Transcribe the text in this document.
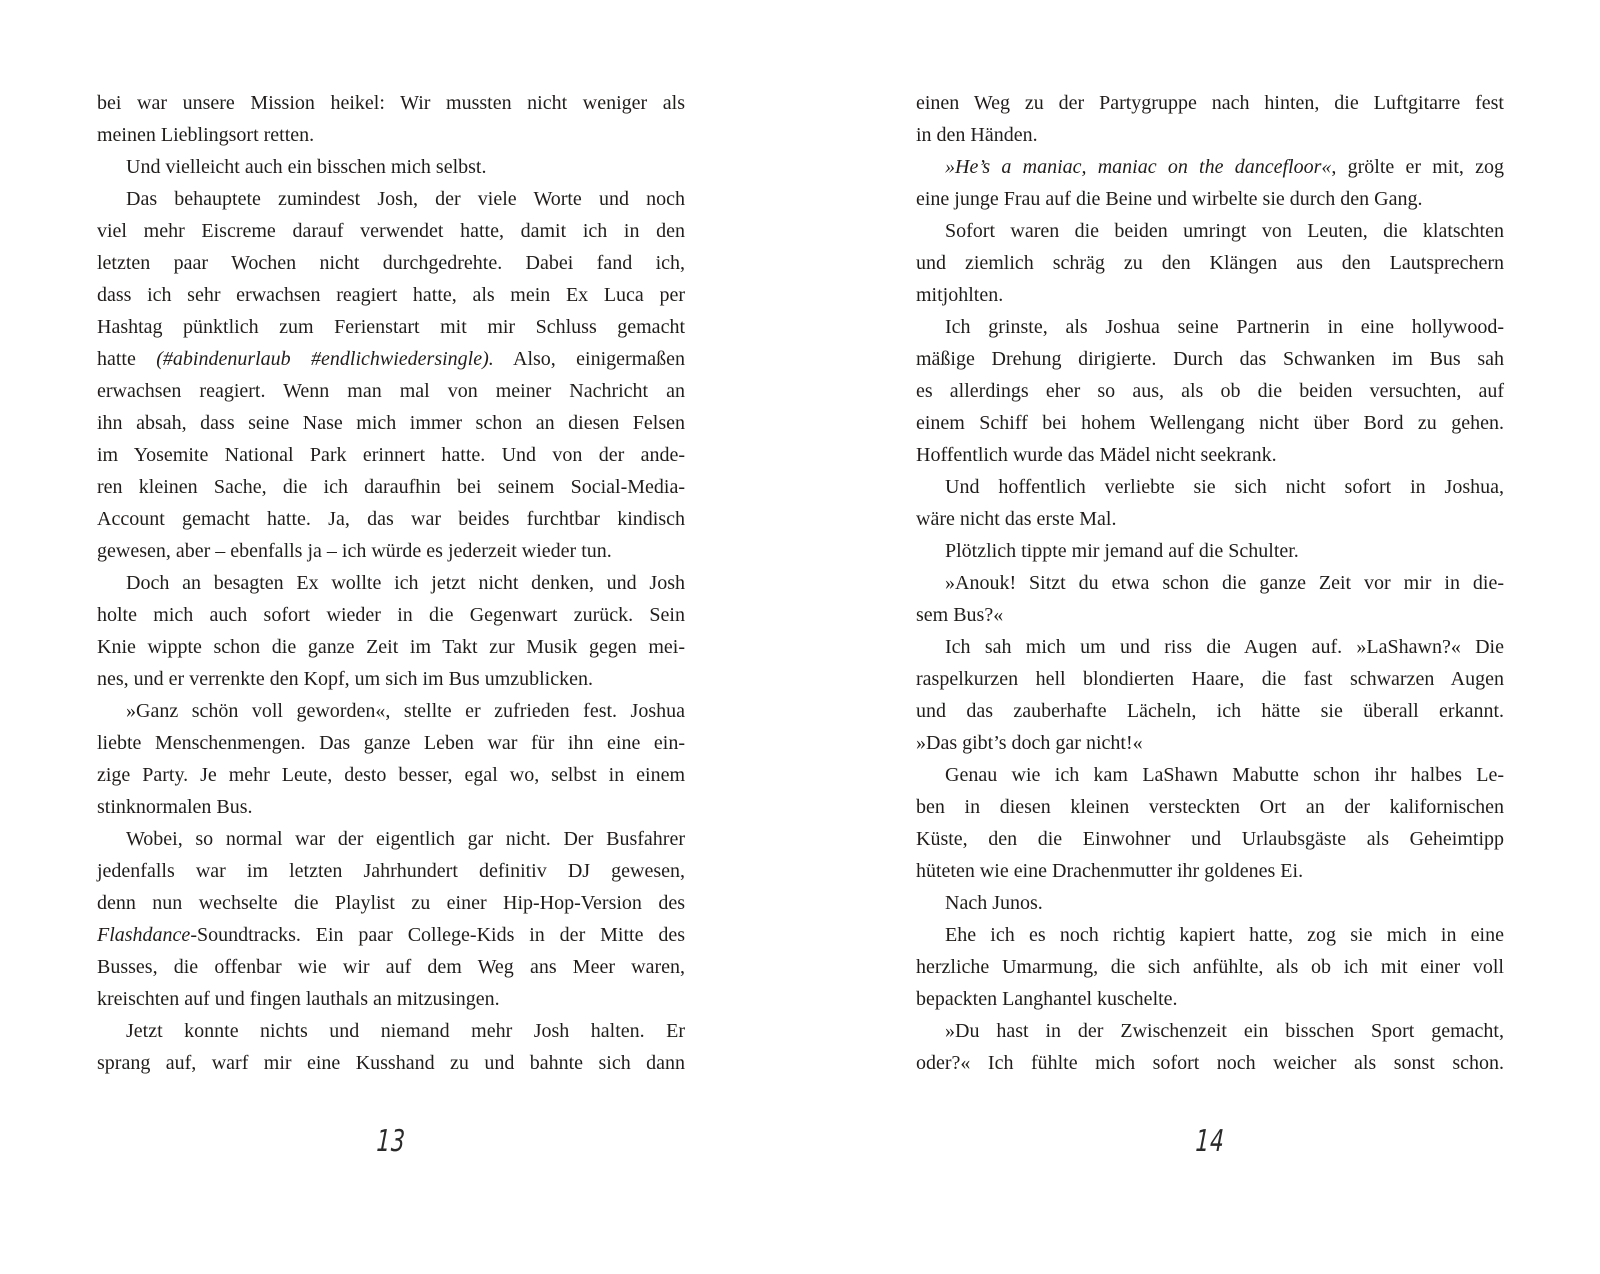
bei war unsere Mission heikel: Wir mussten nicht weniger als
meinen Lieblingsort retten.
Und vielleicht auch ein bisschen mich selbst.
Das behauptete zumindest Josh, der viele Worte und noch
viel mehr Eiscreme darauf verwendet hatte, damit ich in den
letzten paar Wochen nicht durchgedrehte. Dabei fand ich,
dass ich sehr erwachsen reagiert hatte, als mein Ex Luca per
Hashtag pünktlich zum Ferienstart mit mir Schluss gemacht
hatte (#abindenurlaub #endlichwiedersingle). Also, einigermaßen
erwachsen reagiert. Wenn man mal von meiner Nachricht an
ihn absah, dass seine Nase mich immer schon an diesen Felsen
im Yosemite National Park erinnert hatte. Und von der ande-
ren kleinen Sache, die ich daraufhin bei seinem Social-Media-
Account gemacht hatte. Ja, das war beides furchtbar kindisch
gewesen, aber – ebenfalls ja – ich würde es jederzeit wieder tun.
Doch an besagten Ex wollte ich jetzt nicht denken, und Josh
holte mich auch sofort wieder in die Gegenwart zurück. Sein
Knie wippte schon die ganze Zeit im Takt zur Musik gegen mei-
nes, und er verrenkte den Kopf, um sich im Bus umzublicken.
»Ganz schön voll geworden«, stellte er zufrieden fest. Joshua
liebte Menschenmengen. Das ganze Leben war für ihn eine ein-
zige Party. Je mehr Leute, desto besser, egal wo, selbst in einem
stinknormalen Bus.
Wobei, so normal war der eigentlich gar nicht. Der Busfahrer
jedenfalls war im letzten Jahrhundert definitiv DJ gewesen,
denn nun wechselte die Playlist zu einer Hip-Hop-Version des
Flashdance-Soundtracks. Ein paar College-Kids in der Mitte des
Busses, die offenbar wie wir auf dem Weg ans Meer waren,
kreischten auf und fingen lauthals an mitzusingen.
Jetzt konnte nichts und niemand mehr Josh halten. Er
sprang auf, warf mir eine Kusshand zu und bahnte sich dann
13
einen Weg zu der Partygruppe nach hinten, die Luftgitarre fest
in den Händen.
»He’s a maniac, maniac on the dancefloor«, grölte er mit, zog
eine junge Frau auf die Beine und wirbelte sie durch den Gang.
Sofort waren die beiden umringt von Leuten, die klatschten
und ziemlich schräg zu den Klängen aus den Lautsprechern
mitjohlten.
Ich grinste, als Joshua seine Partnerin in eine hollywood-
mäßige Drehung dirigierte. Durch das Schwanken im Bus sah
es allerdings eher so aus, als ob die beiden versuchten, auf
einem Schiff bei hohem Wellengang nicht über Bord zu gehen.
Hoffentlich wurde das Mädel nicht seekrank.
Und hoffentlich verliebte sie sich nicht sofort in Joshua,
wäre nicht das erste Mal.
Plötzlich tippte mir jemand auf die Schulter.
»Anouk! Sitzt du etwa schon die ganze Zeit vor mir in die-
sem Bus?«
Ich sah mich um und riss die Augen auf. »LaShawn?« Die
raspelkurzen hell blondierten Haare, die fast schwarzen Augen
und das zauberhafte Lächeln, ich hätte sie überall erkannt.
»Das gibt’s doch gar nicht!«
Genau wie ich kam LaShawn Mabutte schon ihr halbes Le-
ben in diesen kleinen versteckten Ort an der kalifornischen
Küste, den die Einwohner und Urlaubsgäste als Geheimtipp
hüteten wie eine Drachenmutter ihr goldenes Ei.
Nach Junos.
Ehe ich es noch richtig kapiert hatte, zog sie mich in eine
herzliche Umarmung, die sich anfühlte, als ob ich mit einer voll
bepackten Langhantel kuschelte.
»Du hast in der Zwischenzeit ein bisschen Sport gemacht,
oder?« Ich fühlte mich sofort noch weicher als sonst schon.
14
